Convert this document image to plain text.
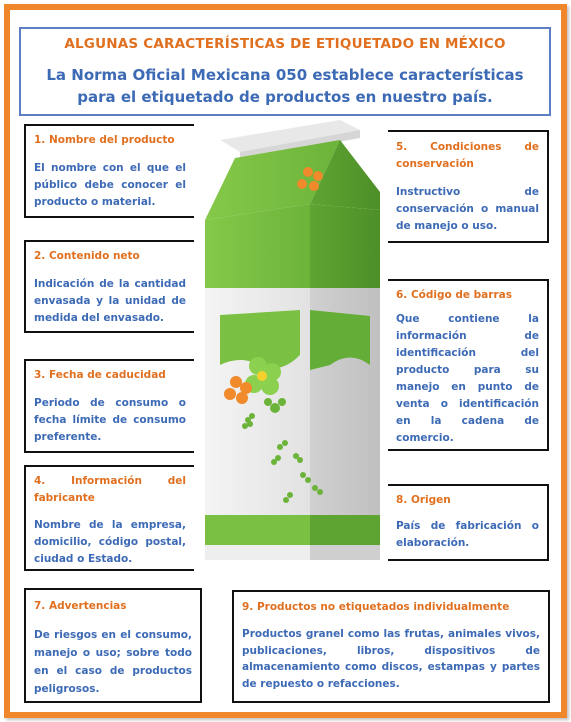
ALGUNAS CARACTERÍSTICAS DE ETIQUETADO EN MÉXICO
La Norma Oficial Mexicana 050 establece características para el etiquetado de productos en nuestro país.
1. Nombre del producto
El nombre con el que el público debe conocer el producto o material.
2. Contenido neto
Indicación de la cantidad envasada y la unidad de medida del envasado.
3. Fecha de caducidad
Periodo de consumo o fecha límite de consumo preferente.
4. Información del fabricante
Nombre de la empresa, domicilio, código postal, ciudad o Estado.
7. Advertencias
De riesgos en el consumo, manejo o uso; sobre todo en el caso de productos peligrosos.
5. Condiciones de conservación
Instructivo de conservación o manual de manejo o uso.
6. Código de barras
Que contiene la información de identificación del producto para su manejo en punto de venta o identificación en la cadena de comercio.
8. Origen
País de fabricación o elaboración.
9. Productos no etiquetados individualmente
Productos granel como las frutas, animales vivos, publicaciones, libros, dispositivos de almacenamiento como discos, estampas y partes de repuesto o refacciones.
